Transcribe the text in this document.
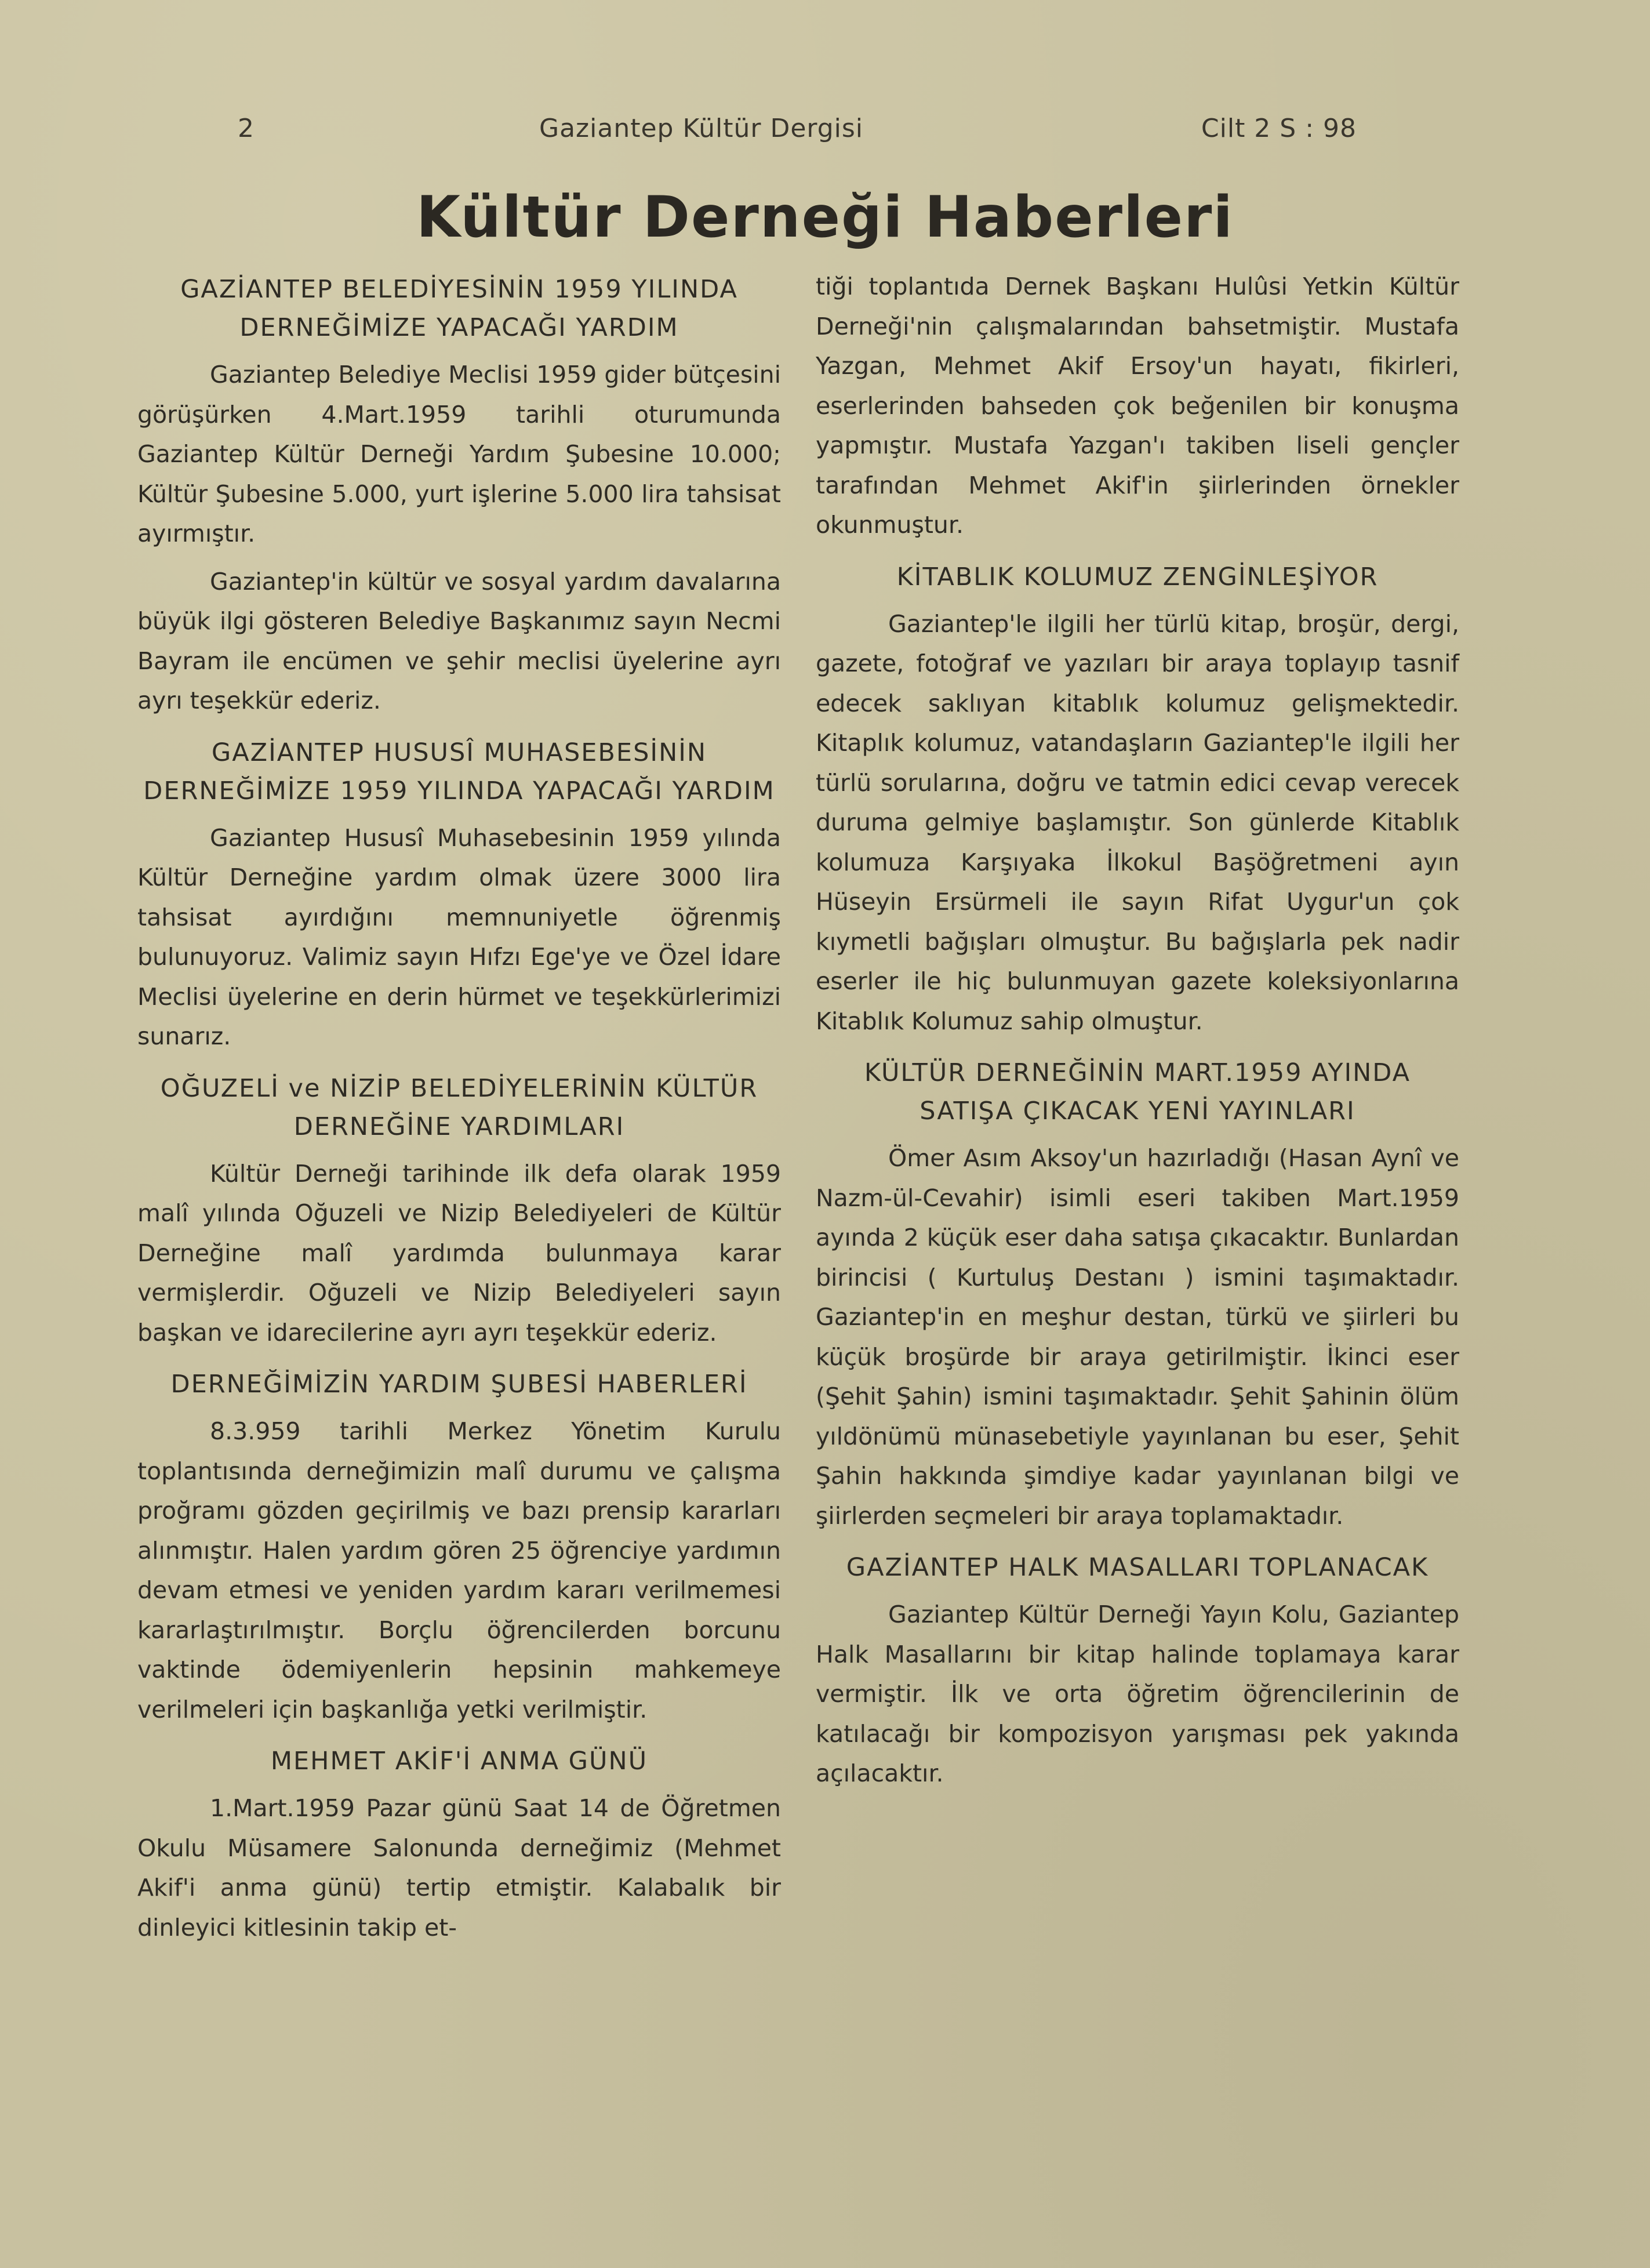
2	Gaziantep Kültür Dergisi	Cilt 2 S : 98
Kültür Derneği Haberleri
GAZİANTEP BELEDİYESİNİN 1959 YILINDA DERNEĞİMİZE YAPACAĞI YARDIM

Gaziantep Belediye Meclisi 1959 gider bütçesini görüşürken 4.Mart.1959 tarihli oturumunda Gaziantep Kültür Derneği Yardım Şubesine 10.000; Kültür Şubesine 5.000, yurt işlerine 5.000 lira tahsisat ayırmıştır.

Gaziantep'in kültür ve sosyal yardım davalarına büyük ilgi gösteren Belediye Başkanımız sayın Necmi Bayram ile encümen ve şehir meclisi üyelerine ayrı ayrı teşekkür ederiz.

GAZİANTEP HUSUSÎ MUHASEBESİNİN DERNEĞİMİZE 1959 YILINDA YAPACAĞI YARDIM

Gaziantep Hususî Muhasebesinin 1959 yılında Kültür Derneğine yardım olmak üzere 3000 lira tahsisat ayırdığını memnuniyetle öğrenmiş bulunuyoruz. Valimiz sayın Hıfzı Ege'ye ve Özel İdare Meclisi üyelerine en derin hürmet ve teşekkürlerimizi sunarız.

OĞUZELİ ve NİZİP BELEDİYELERİNİN KÜLTÜR DERNEĞİNE YARDIMLARI

Kültür Derneği tarihinde ilk defa olarak 1959 malî yılında Oğuzeli ve Nizip Belediyeleri de Kültür Derneğine malî yardımda bulunmaya karar vermişlerdir. Oğuzeli ve Nizip Belediyeleri sayın başkan ve idarecilerine ayrı ayrı teşekkür ederiz.

DERNEĞİMİZİN YARDIM ŞUBESİ HABERLERİ

8.3.959 tarihli Merkez Yönetim Kurulu toplantısında derneğimizin malî durumu ve çalışma proğramı gözden geçirilmiş ve bazı prensip kararları alınmıştır. Halen yardım gören 25 öğrenciye yardımın devam etmesi ve yeniden yardım kararı verilmemesi kararlaştırılmıştır. Borçlu öğrencilerden borcunu vaktinde ödemiyenlerin hepsinin mahkemeye verilmeleri için başkanlığa yetki verilmiştir.

MEHMET AKİF'İ ANMA GÜNÜ

1.Mart.1959 Pazar günü Saat 14 de Öğretmen Okulu Müsamere Salonunda derneğimiz (Mehmet Akif'i anma günü) tertip etmiştir. Kalabalık bir dinleyici kitlesinin takip et-

tiği toplantıda Dernek Başkanı Hulûsi Yetkin Kültür Derneği'nin çalışmalarından bahsetmiştir. Mustafa Yazgan, Mehmet Akif Ersoy'un hayatı, fikirleri, eserlerinden bahseden çok beğenilen bir konuşma yapmıştır. Mustafa Yazgan'ı takiben liseli gençler tarafından Mehmet Akif'in şiirlerinden örnekler okunmuştur.

KİTABLIK KOLUMUZ ZENGİNLEŞİYOR

Gaziantep'le ilgili her türlü kitap, broşür, dergi, gazete, fotoğraf ve yazıları bir araya toplayıp tasnif edecek saklıyan kitablık kolumuz gelişmektedir. Kitaplık kolumuz, vatandaşların Gaziantep'le ilgili her türlü sorularına, doğru ve tatmin edici cevap verecek duruma gelmiye başlamıştır. Son günlerde Kitablık kolumuza Karşıyaka İlkokul Başöğretmeni ayın Hüseyin Ersürmeli ile sayın Rifat Uygur'un çok kıymetli bağışları olmuştur. Bu bağışlarla pek nadir eserler ile hiç bulunmuyan gazete koleksiyonlarına Kitablık Kolumuz sahip olmuştur.

KÜLTÜR DERNEĞİNİN MART.1959 AYINDA SATIŞA ÇIKACAK YENİ YAYINLARI

Ömer Asım Aksoy'un hazırladığı (Hasan Aynî ve Nazm-ül-Cevahir) isimli eseri takiben Mart.1959 ayında 2 küçük eser daha satışa çıkacaktır. Bunlardan birincisi ( Kurtuluş Destanı ) ismini taşımaktadır. Gaziantep'in en meşhur destan, türkü ve şiirleri bu küçük broşürde bir araya getirilmiştir. İkinci eser (Şehit Şahin) ismini taşımaktadır. Şehit Şahinin ölüm yıldönümü münasebetiyle yayınlanan bu eser, Şehit Şahin hakkında şimdiye kadar yayınlanan bilgi ve şiirlerden seçmeleri bir araya toplamaktadır.

GAZİANTEP HALK MASALLARI TOPLANACAK

Gaziantep Kültür Derneği Yayın Kolu, Gaziantep Halk Masallarını bir kitap halinde toplamaya karar vermiştir. İlk ve orta öğretim öğrencilerinin de katılacağı bir kompozisyon yarışması pek yakında açılacaktır.
